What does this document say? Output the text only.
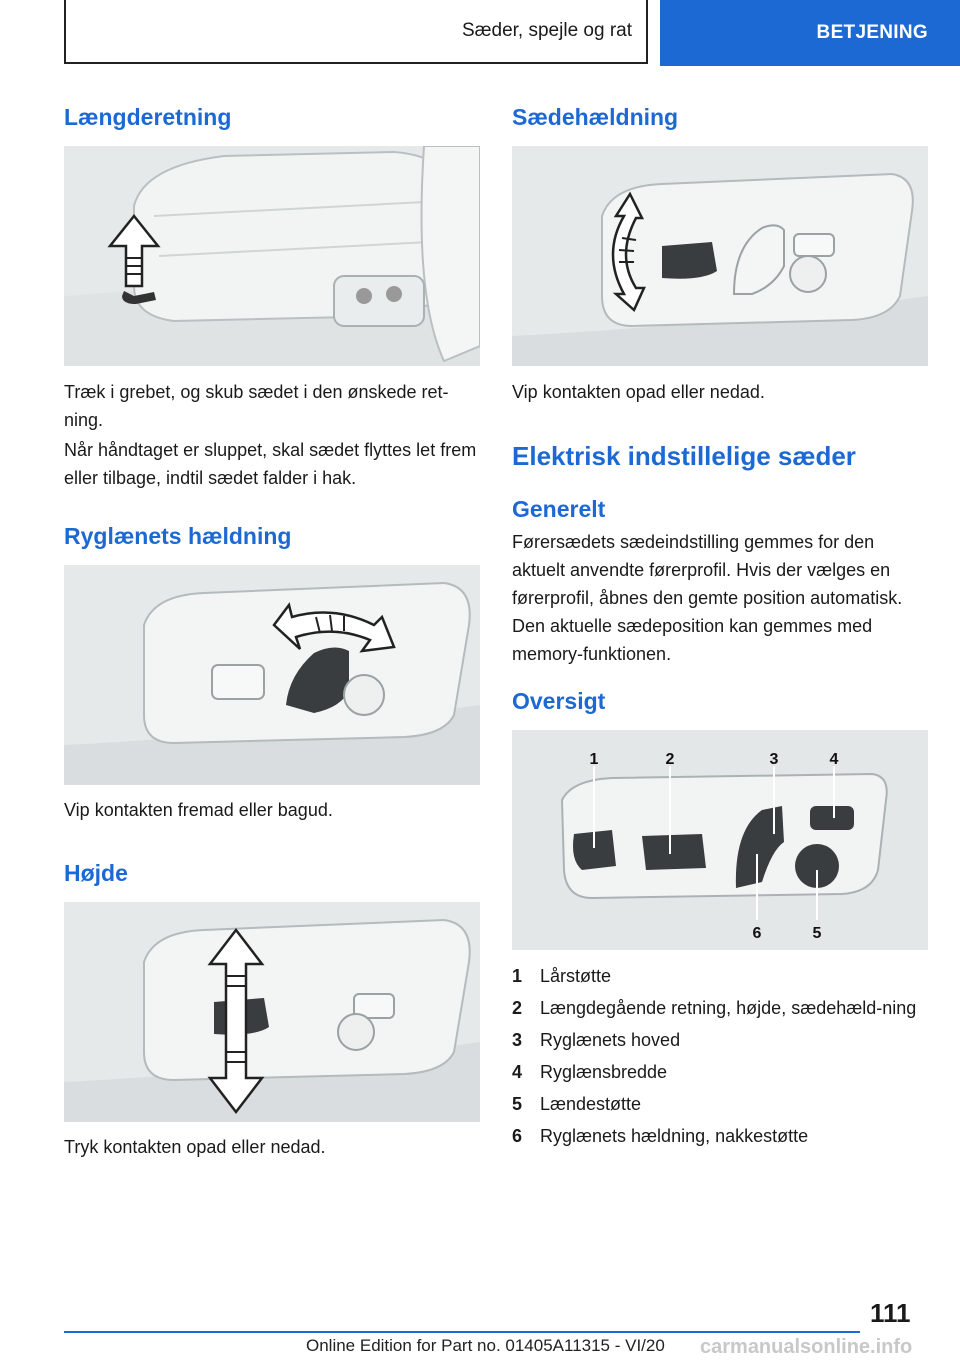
Sæder, spejle og rat	BETJENING
Længderetning

Træk i grebet, og skub sædet i den ønskede ret-ning.

Når håndtaget er sluppet, skal sædet flyttes let frem eller tilbage, indtil sædet falder i hak.

Ryglænets hældning

Vip kontakten fremad eller bagud.

Højde

Tryk kontakten opad eller nedad.

Sædehældning

Vip kontakten opad eller nedad.

Elektrisk indstillelige sæder
Generelt

Førersædets sædeindstilling gemmes for den aktuelt anvendte førerprofil. Hvis der vælges en førerprofil, åbnes den gemte position automatisk.

Den aktuelle sædeposition kan gemmes med memory-funktionen.

Oversigt
1	2	3	4
6	5
1 Lårstøtte
2 Længdegående retning, højde, sædehæld-ning
3 Ryglænets hoved
4 Ryglænsbredde
5 Lændestøtte
6 Ryglænets hældning, nakkestøtte
111
Online Edition for Part no. 01405A11315 - VI/20 carmanualsonline.info
